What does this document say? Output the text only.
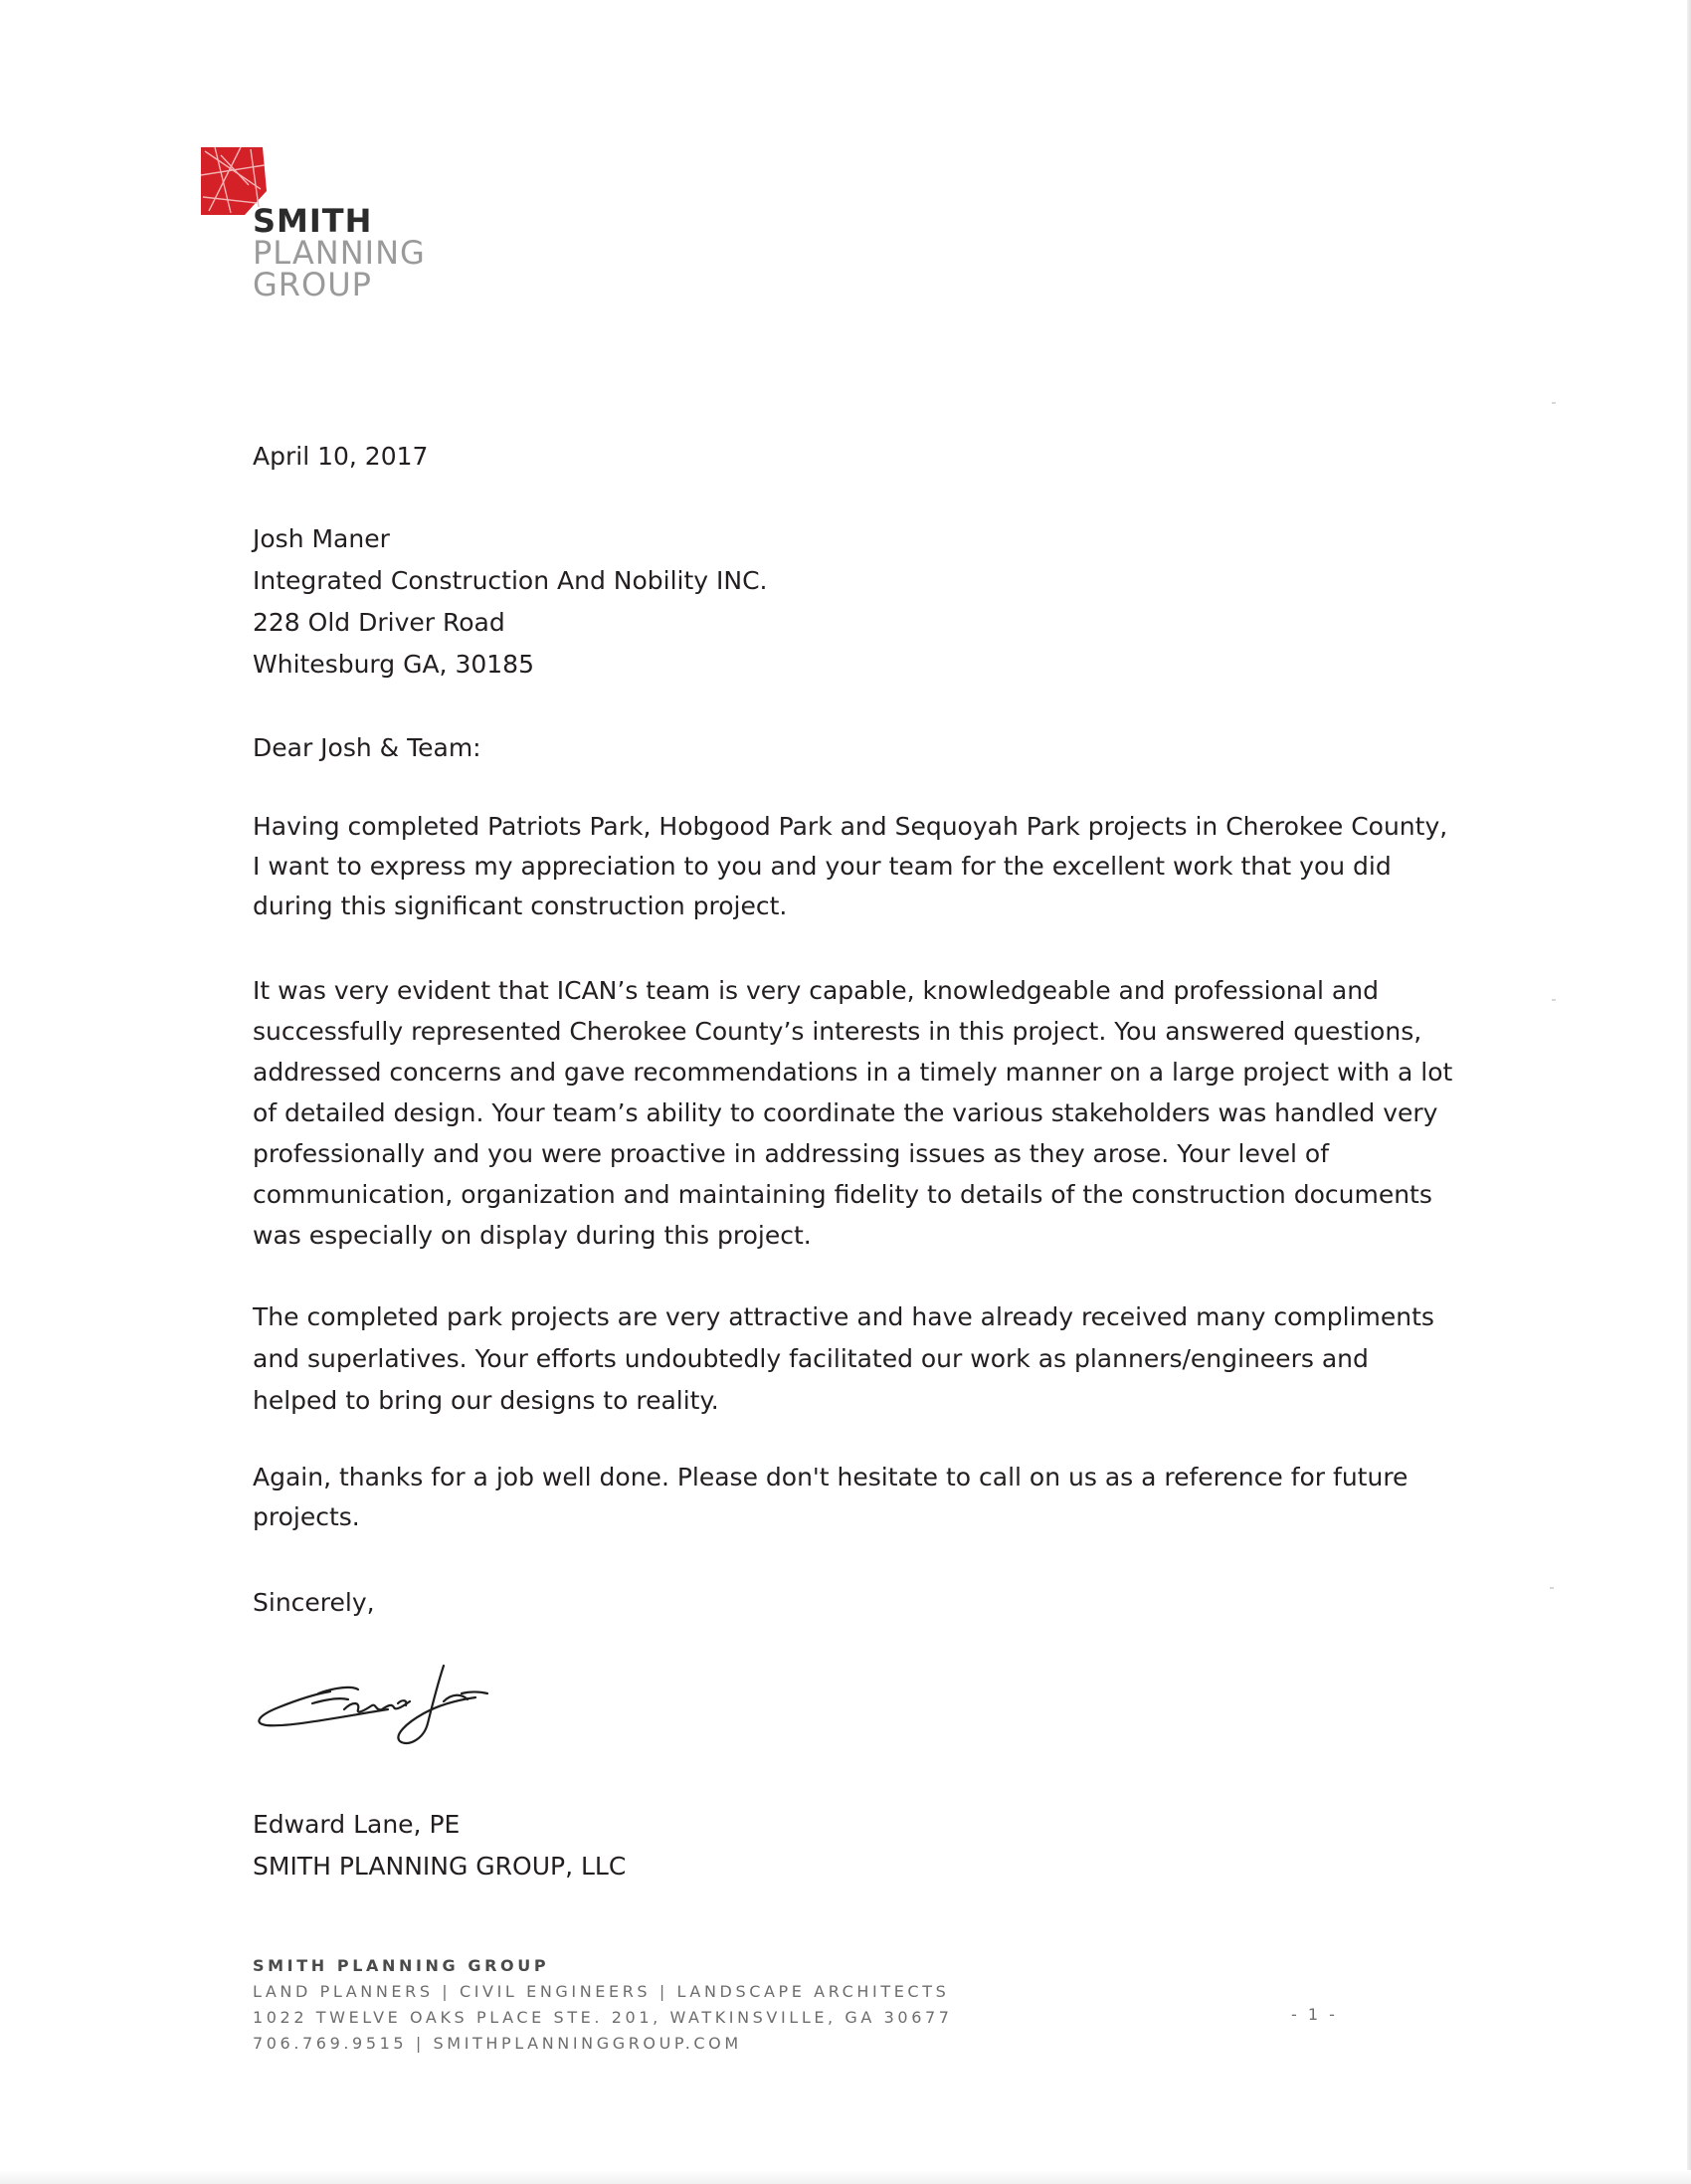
SMITH
PLANNING
GROUP
April 10, 2017
Josh Maner
Integrated Construction And Nobility INC.
228 Old Driver Road
Whitesburg GA, 30185
Dear Josh & Team:
Having completed Patriots Park, Hobgood Park and Sequoyah Park projects in Cherokee County,
I want to express my appreciation to you and your team for the excellent work that you did
during this significant construction project.
It was very evident that ICAN’s team is very capable, knowledgeable and professional and
successfully represented Cherokee County’s interests in this project. You answered questions,
addressed concerns and gave recommendations in a timely manner on a large project with a lot
of detailed design. Your team’s ability to coordinate the various stakeholders was handled very
professionally and you were proactive in addressing issues as they arose. Your level of
communication, organization and maintaining fidelity to details of the construction documents
was especially on display during this project.
The completed park projects are very attractive and have already received many compliments
and superlatives. Your efforts undoubtedly facilitated our work as planners/engineers and
helped to bring our designs to reality.
Again, thanks for a job well done. Please don't hesitate to call on us as a reference for future
projects.
Sincerely,
Edward Lane, PE
SMITH PLANNING GROUP, LLC
SMITH PLANNING GROUP
LAND PLANNERS | CIVIL ENGINEERS | LANDSCAPE ARCHITECTS
1022 TWELVE OAKS PLACE STE. 201, WATKINSVILLE, GA 30677
706.769.9515 | SMITHPLANNINGGROUP.COM
- 1 -
